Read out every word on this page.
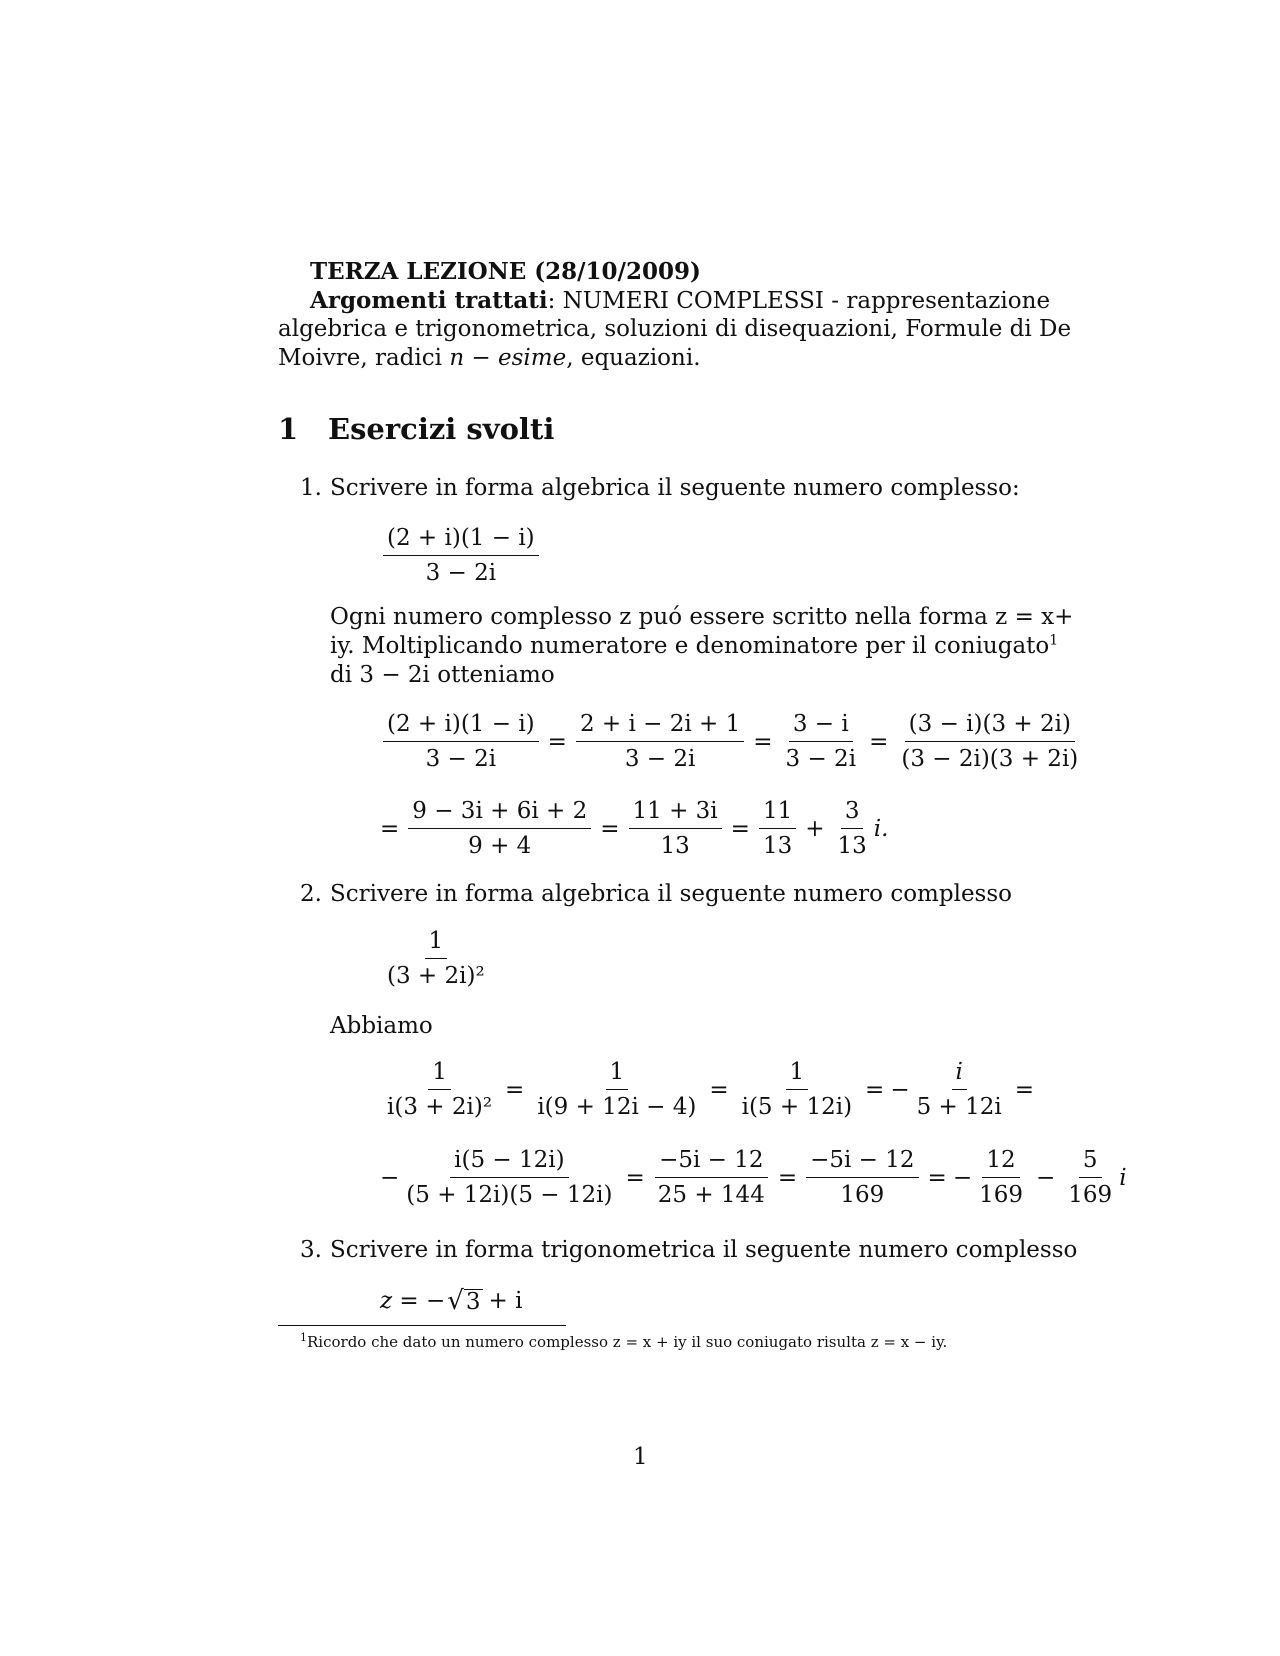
TERZA LEZIONE (28/10/2009)
Argomenti trattati: NUMERI COMPLESSI - rappresentazione
algebrica e trigonometrica, soluzioni di disequazioni, Formule di De
Moivre, radici n − esime, equazioni.
1 Esercizi svolti
1. Scrivere in forma algebrica il seguente numero complesso:
$\frac{(2 + i)(1 - i)}{3 - 2i}$
Ogni numero complesso z puó essere scritto nella forma z = x+
iy. Moltiplicando numeratore e denominatore per il coniugato$^1$
di 3 − 2i otteniamo
$\frac{(2 + i)(1 - i)}{3 - 2i} = \frac{2 + i - 2i + 1}{3 - 2i} = \frac{3 - i}{3 - 2i} = \frac{(3 - i)(3 + 2i)}{(3 - 2i)(3 + 2i)}$
= $\frac{9 - 3i + 6i + 2}{9 + 4} = \frac{11 + 3i}{13} = \frac{11}{13} + \frac{3}{13} i$.
2. Scrivere in forma algebrica il seguente numero complesso
$\frac{1}{\text{(3 + 2i)²}}$
Abbiamo
$\frac{1}{\text{i(3 + 2i)²}} = \frac{1}{i(9 + 12i - 4)} = \frac{1}{i(5 + 12i)}$ = − $\frac{i}{5 + 12i}$ =
− $\frac{i(5 - 12i)}{(5 + 12i)(5 - 12i)} = \frac{-5i - 12}{25 + 144} = \frac{-5i - 12}{169}$ = − $\frac{12}{169} - \frac{5}{169}$ i
3. Scrivere in forma trigonometrica il seguente numero complesso
z = − √ 3 + i
$^1$Ricordo che dato un numero complesso z = x + iy il suo coniugato risulta z = x − iy.
1
